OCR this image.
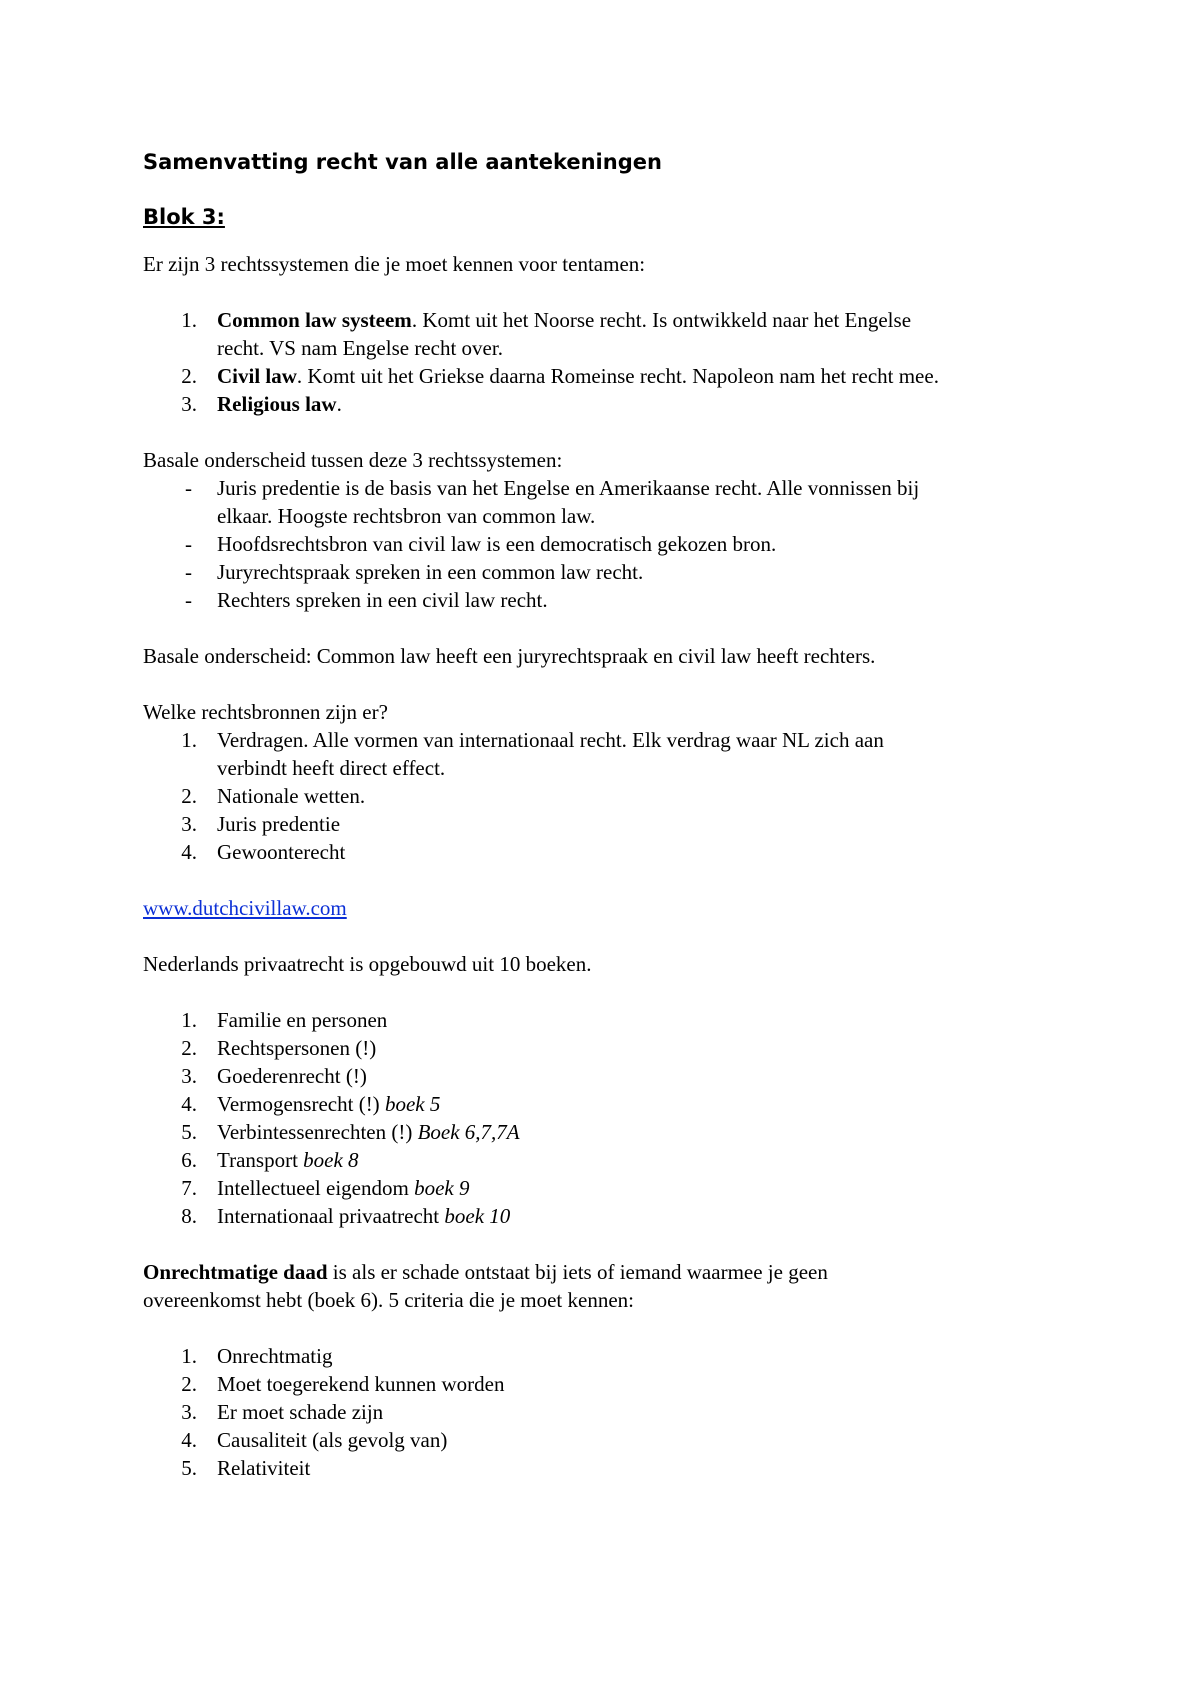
Samenvatting recht van alle aantekeningen
Blok 3:
Er zijn 3 rechtssystemen die je moet kennen voor tentamen:
1. Common law systeem. Komt uit het Noorse recht. Is ontwikkeld naar het Engelse
recht. VS nam Engelse recht over.
2. Civil law. Komt uit het Griekse daarna Romeinse recht. Napoleon nam het recht mee.
3. Religious law.
Basale onderscheid tussen deze 3 rechtssystemen:
- Juris predentie is de basis van het Engelse en Amerikaanse recht. Alle vonnissen bij
elkaar. Hoogste rechtsbron van common law.
- Hoofdsrechtsbron van civil law is een democratisch gekozen bron.
- Juryrechtspraak spreken in een common law recht.
- Rechters spreken in een civil law recht.
Basale onderscheid: Common law heeft een juryrechtspraak en civil law heeft rechters.
Welke rechtsbronnen zijn er?
1. Verdragen. Alle vormen van internationaal recht. Elk verdrag waar NL zich aan
verbindt heeft direct effect.
2. Nationale wetten.
3. Juris predentie
4. Gewoonterecht
www.dutchcivillaw.com
Nederlands privaatrecht is opgebouwd uit 10 boeken.
1. Familie en personen
2. Rechtspersonen (!)
3. Goederenrecht (!)
4. Vermogensrecht (!) boek 5
5. Verbintessenrechten (!) Boek 6,7,7A
6. Transport boek 8
7. Intellectueel eigendom boek 9
8. Internationaal privaatrecht boek 10
Onrechtmatige daad is als er schade ontstaat bij iets of iemand waarmee je geen
overeenkomst hebt (boek 6). 5 criteria die je moet kennen:
1. Onrechtmatig
2. Moet toegerekend kunnen worden
3. Er moet schade zijn
4. Causaliteit (als gevolg van)
5. Relativiteit
